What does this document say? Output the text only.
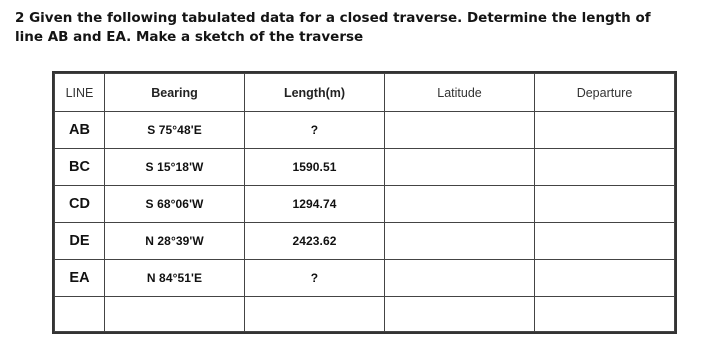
2 Given the following tabulated data for a closed traverse. Determine the length of
line AB and EA. Make a sketch of the traverse
LINE	Bearing	Length(m)	Latitude	Departure
AB	S 75°48'E	?		
BC	S 15°18'W	1590.51		
CD	S 68°06'W	1294.74		
DE	N 28°39'W	2423.62		
EA	N 84°51'E	?		
